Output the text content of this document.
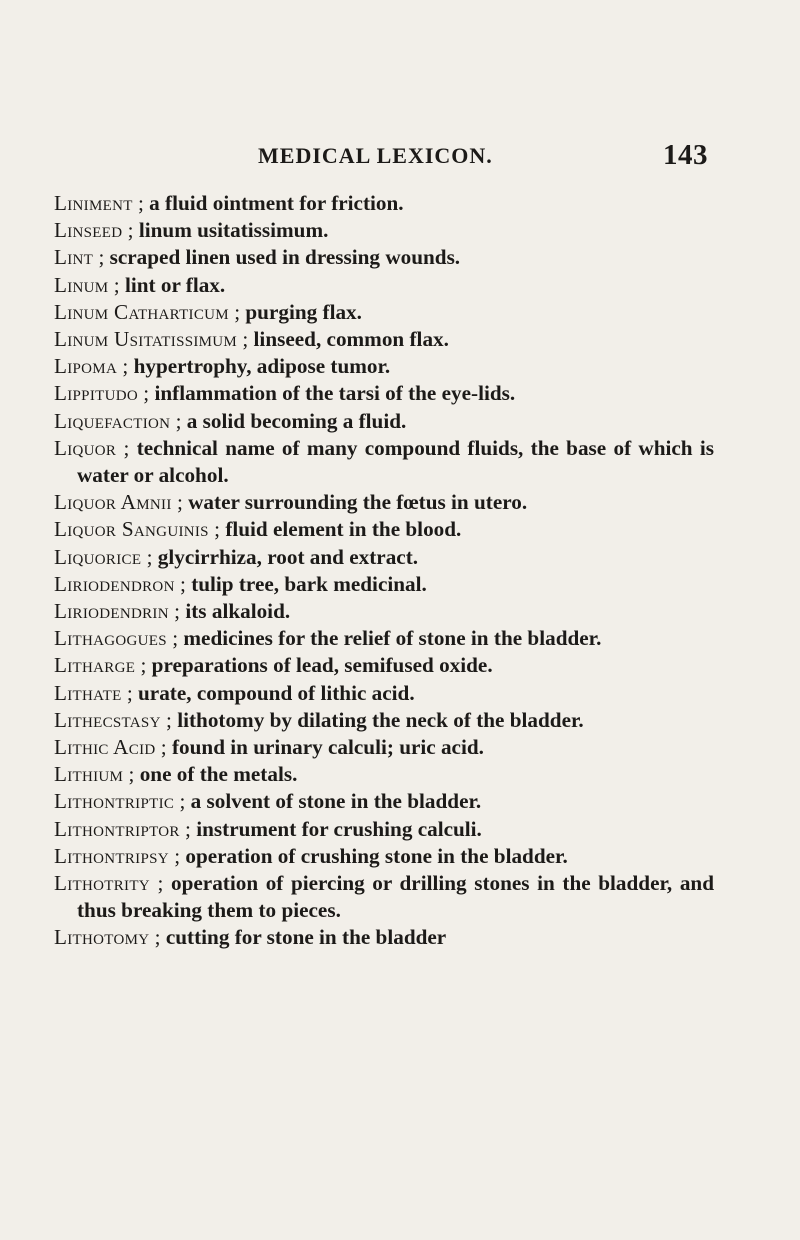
MEDICAL LEXICON.	143
Liniment ; a fluid ointment for friction.
Linseed ; linum usitatissimum.
Lint ; scraped linen used in dressing wounds.
Linum ; lint or flax.
Linum Catharticum ; purging flax.
Linum Usitatissimum ; linseed, common flax.
Lipoma ; hypertrophy, adipose tumor.
Lippitudo ; inflammation of the tarsi of the eye-lids.
Liquefaction ; a solid becoming a fluid.
Liquor ; technical name of many compound fluids, the base of which is water or alcohol.
Liquor Amnii ; water surrounding the fœtus in utero.
Liquor Sanguinis ; fluid element in the blood.
Liquorice ; glycirrhiza, root and extract.
Liriodendron ; tulip tree, bark medicinal.
Liriodendrin ; its alkaloid.
Lithagogues ; medicines for the relief of stone in the bladder.
Litharge ; preparations of lead, semifused oxide.
Lithate ; urate, compound of lithic acid.
Lithecstasy ; lithotomy by dilating the neck of the bladder.
Lithic Acid ; found in urinary calculi; uric acid.
Lithium ; one of the metals.
Lithontriptic ; a solvent of stone in the bladder.
Lithontriptor ; instrument for crushing calculi.
Lithontripsy ; operation of crushing stone in the bladder.
Lithotrity ; operation of piercing or drilling stones in the bladder, and thus breaking them to pieces.
Lithotomy ; cutting for stone in the bladder
